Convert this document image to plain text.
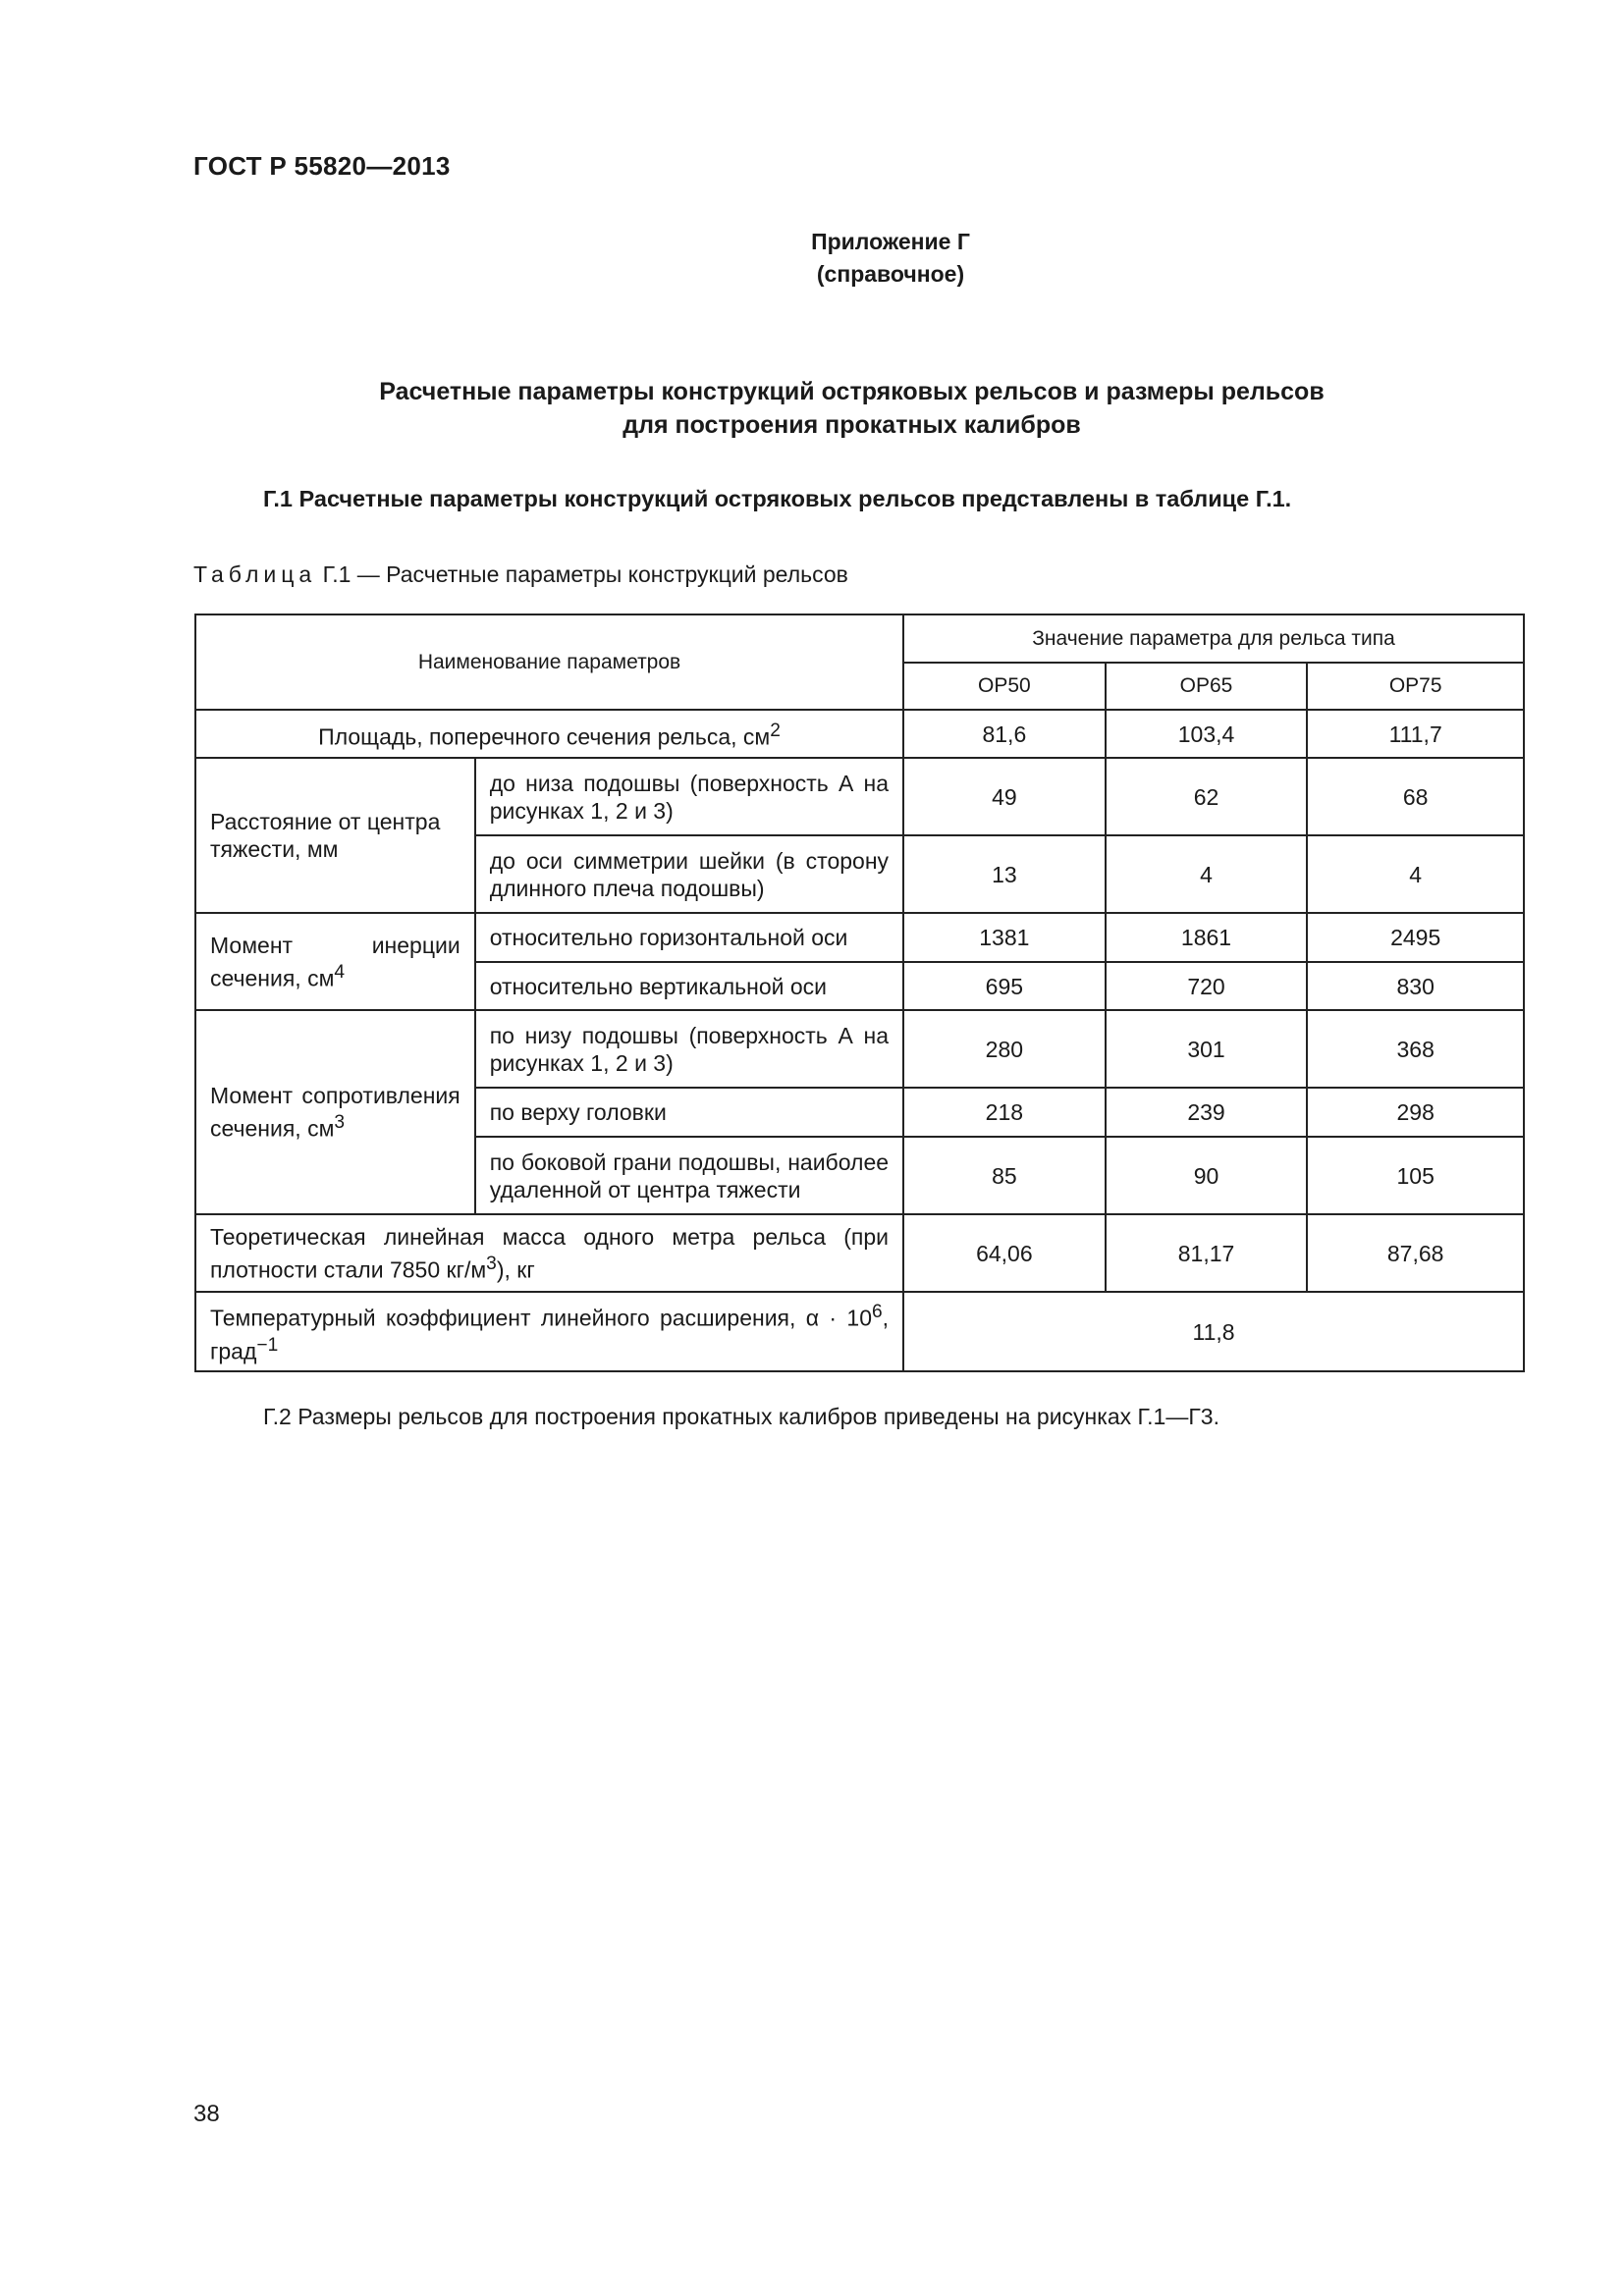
ГОСТ Р 55820—2013
Приложение Г
(справочное)
Расчетные параметры конструкций остряковых рельсов и размеры рельсов
для построения прокатных калибров
Г.1 Расчетные параметры конструкций остряковых рельсов представлены в таблице Г.1.
Таблица Г.1 — Расчетные параметры конструкций рельсов
Наименование параметров		Значение параметра для рельса типа		
		ОР50	ОР65	ОР75
Площадь, поперечного сечения рельса, $см^2$		81,6	103,4	111,7
Расстояние от центра тяжести, мм	до низа подошвы (поверхность А на рисунках 1, 2 и 3)	49	62	68
	до оси симметрии шейки (в сторону длинного плеча подошвы)	13	4	4
Момент инерции сечения, $см^4$	относительно горизонтальной оси	1381	1861	2495
	относительно вертикальной оси	695	720	830
Момент сопротивления сечения, $см^3$	по низу подошвы (поверхность А на рисунках 1, 2 и 3)	280	301	368
	по верху головки	218	239	298
	по боковой грани подошвы, наиболее удаленной от центра тяжести	85	90	105
Теоретическая линейная масса одного метра рельса (при плотности стали 7850 $кг/м^3$), кг		64,06	81,17	87,68
Температурный коэффициент линейного расширения, $\alpha \cdot 10^6$, град$^{-1}$		11,8		
Г.2 Размеры рельсов для построения прокатных калибров приведены на рисунках Г.1—Г3.
38
